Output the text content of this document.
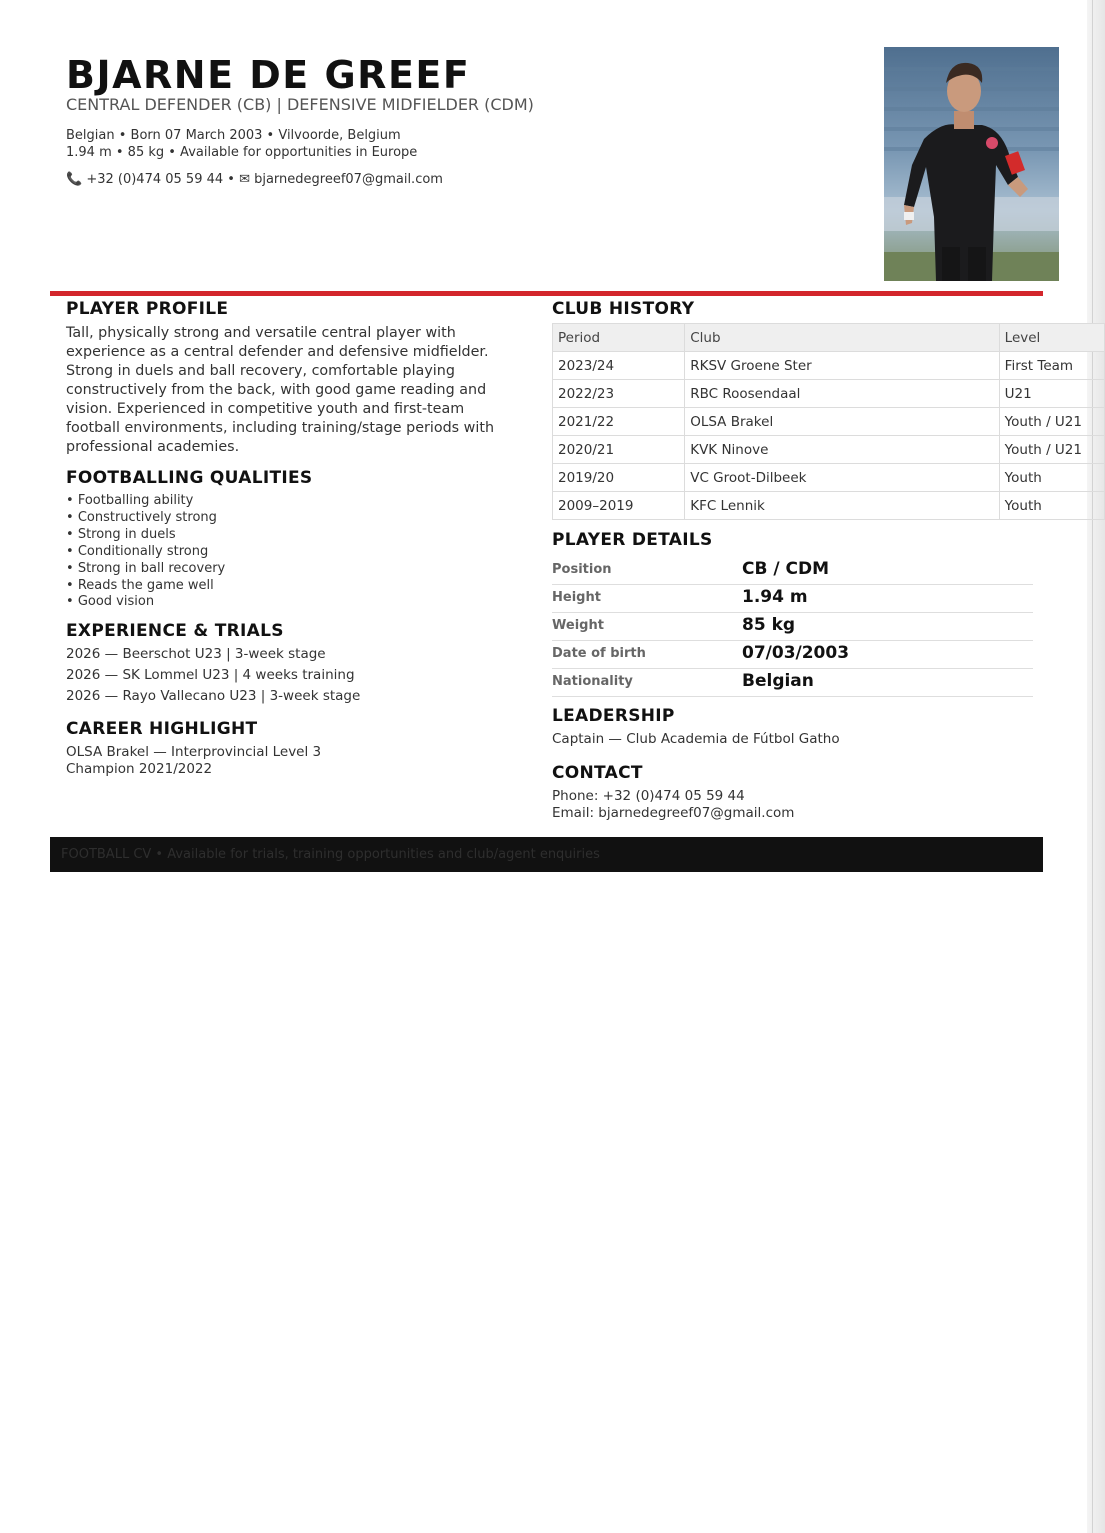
BJARNE DE GREEF
CENTRAL DEFENDER (CB) | DEFENSIVE MIDFIELDER (CDM)
Belgian • Born 07 March 2003 • Vilvoorde, Belgium
1.94 m • 85 kg • Available for opportunities in Europe
📞 +32 (0)474 05 59 44 • ✉ bjarnedegreef07@gmail.com
PLAYER PROFILE

Tall, physically strong and versatile central player with experience as a central defender and defensive midfielder. Strong in duels and ball recovery, comfortable playing constructively from the back, with good game reading and vision. Experienced in competitive youth and first-team football environments, including training/stage periods with professional academies.

FOOTBALLING QUALITIES
• Footballing ability
• Constructively strong
• Strong in duels
• Conditionally strong
• Strong in ball recovery
• Reads the game well
• Good vision
EXPERIENCE & TRIALS
2026 — Beerschot U23 | 3-week stage
2026 — SK Lommel U23 | 4 weeks training
2026 — Rayo Vallecano U23 | 3-week stage
CAREER HIGHLIGHT
OLSA Brakel — Interprovincial Level 3
Champion 2021/2022
CLUB HISTORY
Period	Club	Level
2023/24	RKSV Groene Ster	First Team
2022/23	RBC Roosendaal	U21
2021/22	OLSA Brakel	Youth / U21
2020/21	KVK Ninove	Youth / U21
2019/20	VC Groot-Dilbeek	Youth
2009–2019	KFC Lennik	Youth
PLAYER DETAILS
Position	CB / CDM
Height	1.94 m
Weight	85 kg
Date of birth	07/03/2003
Nationality	Belgian
LEADERSHIP
Captain — Club Academia de Fútbol Gatho
CONTACT
Phone: +32 (0)474 05 59 44
Email: bjarnedegreef07@gmail.com
FOOTBALL CV • Available for trials, training opportunities and club/agent enquiries
